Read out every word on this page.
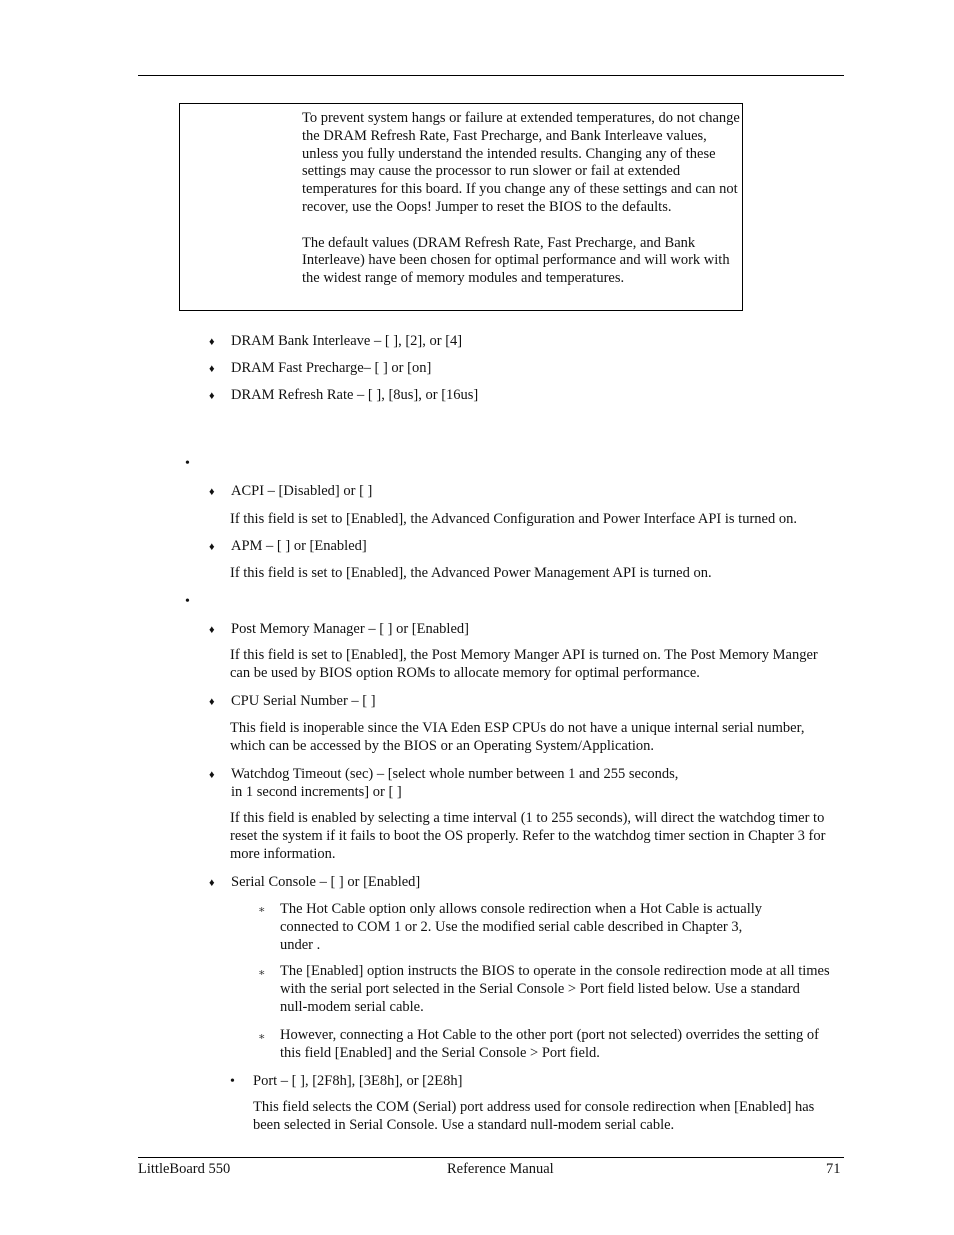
To prevent system hangs or failure at extended temperatures, do not change the DRAM Refresh Rate, Fast Precharge, and Bank Interleave values, unless you fully understand the intended results. Changing any of these settings may cause the processor to run slower or fail at extended temperatures for this board. If you change any of these settings and can not recover, use the Oops! Jumper to reset the BIOS to the defaults.

The default values (DRAM Refresh Rate, Fast Precharge, and Bank Interleave) have been chosen for optimal performance and will work with the widest range of memory modules and temperatures.

♦ DRAM Bank Interleave – [ ], [2], or [4]
♦ DRAM Fast Precharge– [ ] or [on]
♦ DRAM Refresh Rate – [ ], [8us], or [16us]
•
♦ ACPI – [Disabled] or [ ]
If this field is set to [Enabled], the Advanced Configuration and Power Interface API is turned on.
♦ APM – [ ] or [Enabled]
If this field is set to [Enabled], the Advanced Power Management API is turned on.
•
♦ Post Memory Manager – [ ] or [Enabled]
If this field is set to [Enabled], the Post Memory Manger API is turned on. The Post Memory Manger can be used by BIOS option ROMs to allocate memory for optimal performance.
♦ CPU Serial Number – [ ]
This field is inoperable since the VIA Eden ESP CPUs do not have a unique internal serial number, which can be accessed by the BIOS or an Operating System/Application.
♦ Watchdog Timeout (sec) – [select whole number between 1 and 255 seconds,
in 1 second increments] or [ ]
If this field is enabled by selecting a time interval (1 to 255 seconds), will direct the watchdog timer to reset the system if it fails to boot the OS properly. Refer to the watchdog timer section in Chapter 3 for more information.
♦ Serial Console – [ ] or [Enabled]
∗ The Hot Cable option only allows console redirection when a Hot Cable is actually
connected to COM 1 or 2. Use the modified serial cable described in Chapter 3,
under .
∗ The [Enabled] option instructs the BIOS to operate in the console redirection mode at all times with the serial port selected in the Serial Console > Port field listed below. Use a standard null-modem serial cable.
∗ However, connecting a Hot Cable to the other port (port not selected) overrides the setting of this field [Enabled] and the Serial Console > Port field.
• Port – [ ], [2F8h], [3E8h], or [2E8h]
This field selects the COM (Serial) port address used for console redirection when [Enabled] has been selected in Serial Console. Use a standard null-modem serial cable.
LittleBoard 550	Reference Manual	71
